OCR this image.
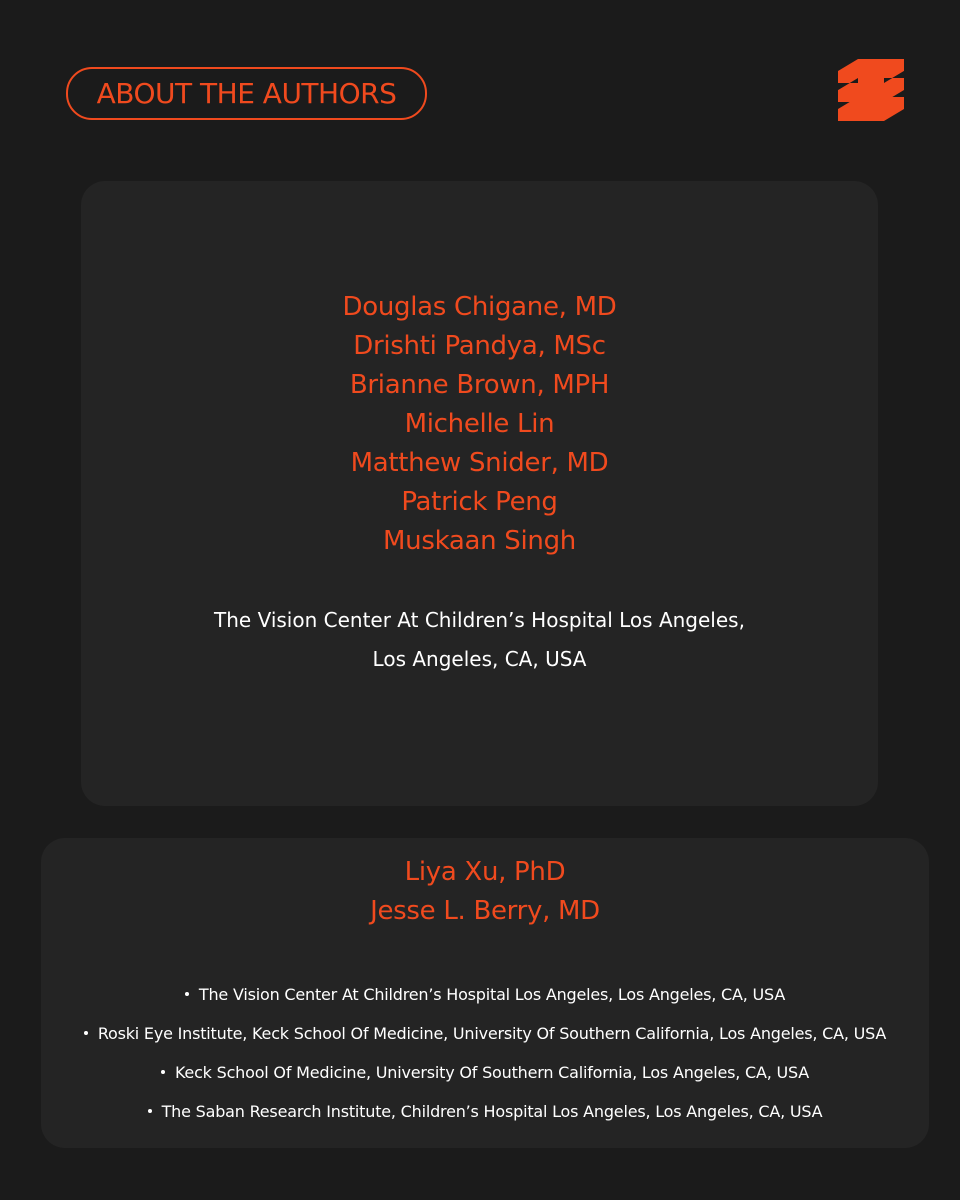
ABOUT THE AUTHORS
Douglas Chigane, MD
Drishti Pandya, MSc
Brianne Brown, MPH
Michelle Lin
Matthew Snider, MD
Patrick Peng
Muskaan Singh
The Vision Center At Children’s Hospital Los Angeles,
Los Angeles, CA, USA
Liya Xu, PhD
Jesse L. Berry, MD
The Vision Center At Children’s Hospital Los Angeles, Los Angeles, CA, USA
Roski Eye Institute, Keck School Of Medicine, University Of Southern California, Los Angeles, CA, USA
Keck School Of Medicine, University Of Southern California, Los Angeles, CA, USA
The Saban Research Institute, Children’s Hospital Los Angeles, Los Angeles, CA, USA
